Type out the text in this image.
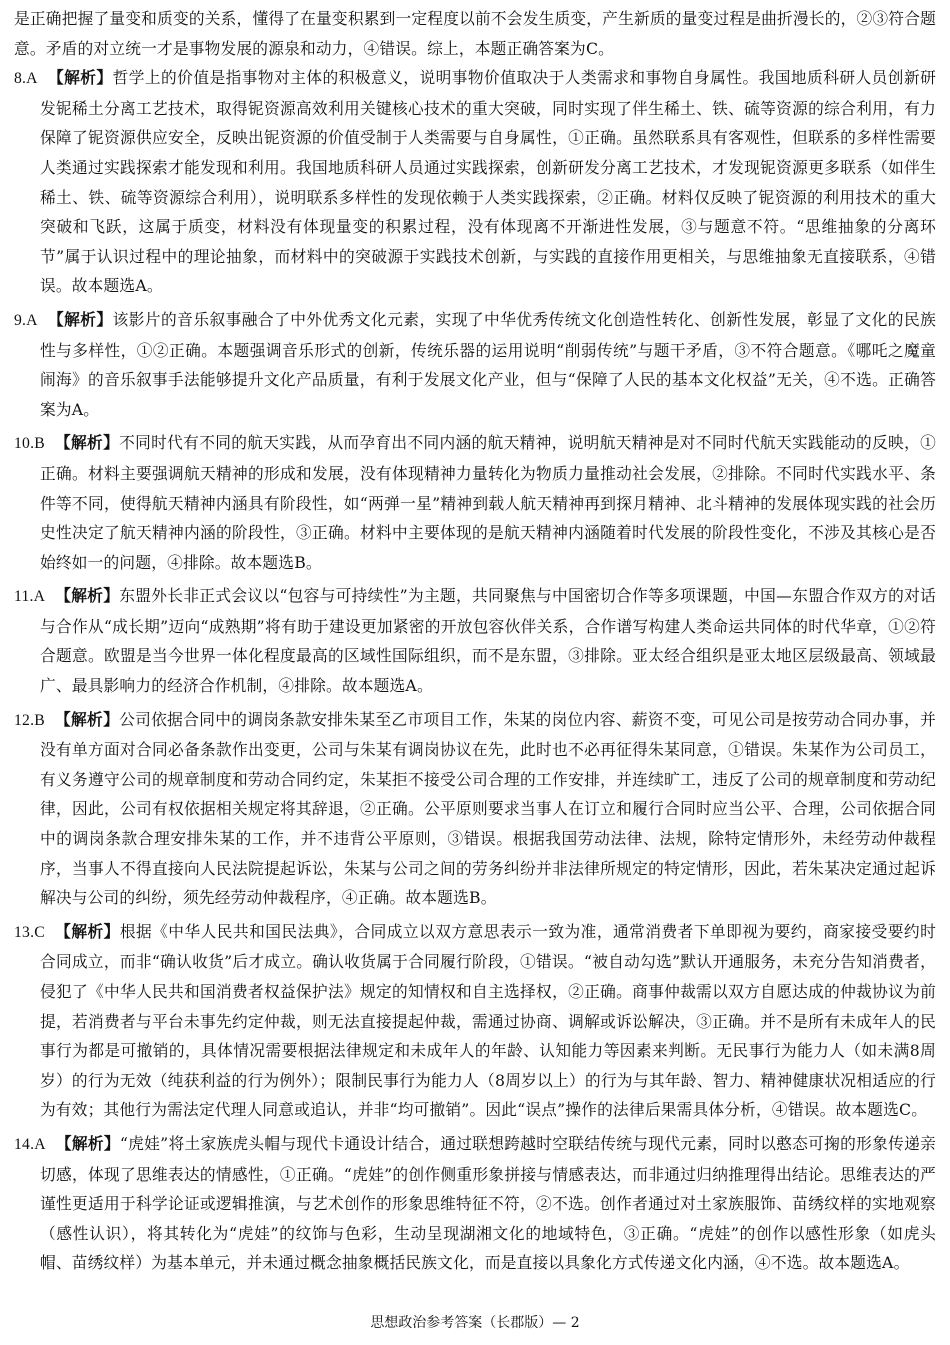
是正确把握了量变和质变的关系，懂得了在量变积累到一定程度以前不会发生质变，产生新质的量变过程是曲折漫长的，②③符合题意。矛盾的对立统一才是事物发展的源泉和动力，④错误。综上，本题正确答案为C。

8.A 【解析】哲学上的价值是指事物对主体的积极意义，说明事物价值取决于人类需求和事物自身属性。我国地质科研人员创新研发铌稀土分离工艺技术，取得铌资源高效利用关键核心技术的重大突破，同时实现了伴生稀土、铁、硫等资源的综合利用，有力保障了铌资源供应安全，反映出铌资源的价值受制于人类需要与自身属性，①正确。虽然联系具有客观性，但联系的多样性需要人类通过实践探索才能发现和利用。我国地质科研人员通过实践探索，创新研发分离工艺技术，才发现铌资源更多联系（如伴生稀土、铁、硫等资源综合利用），说明联系多样性的发现依赖于人类实践探索，②正确。材料仅反映了铌资源的利用技术的重大突破和飞跃，这属于质变，材料没有体现量变的积累过程，没有体现离不开渐进性发展，③与题意不符。“思维抽象的分离环节”属于认识过程中的理论抽象，而材料中的突破源于实践技术创新，与实践的直接作用更相关，与思维抽象无直接联系，④错误。故本题选A。

9.A 【解析】该影片的音乐叙事融合了中外优秀文化元素，实现了中华优秀传统文化创造性转化、创新性发展，彰显了文化的民族性与多样性，①②正确。本题强调音乐形式的创新，传统乐器的运用说明“削弱传统”与题干矛盾，③不符合题意。《哪吒之魔童闹海》的音乐叙事手法能够提升文化产品质量，有利于发展文化产业，但与“保障了人民的基本文化权益”无关，④不选。正确答案为A。

10.B 【解析】不同时代有不同的航天实践，从而孕育出不同内涵的航天精神，说明航天精神是对不同时代航天实践能动的反映，①正确。材料主要强调航天精神的形成和发展，没有体现精神力量转化为物质力量推动社会发展，②排除。不同时代实践水平、条件等不同，使得航天精神内涵具有阶段性，如“两弹一星”精神到载人航天精神再到探月精神、北斗精神的发展体现实践的社会历史性决定了航天精神内涵的阶段性，③正确。材料中主要体现的是航天精神内涵随着时代发展的阶段性变化，不涉及其核心是否始终如一的问题，④排除。故本题选B。

11.A 【解析】东盟外长非正式会议以“包容与可持续性”为主题，共同聚焦与中国密切合作等多项课题，中国—东盟合作双方的对话与合作从“成长期”迈向“成熟期”将有助于建设更加紧密的开放包容伙伴关系，合作谱写构建人类命运共同体的时代华章，①②符合题意。欧盟是当今世界一体化程度最高的区域性国际组织，而不是东盟，③排除。亚太经合组织是亚太地区层级最高、领域最广、最具影响力的经济合作机制，④排除。故本题选A。

12.B 【解析】公司依据合同中的调岗条款安排朱某至乙市项目工作，朱某的岗位内容、薪资不变，可见公司是按劳动合同办事，并没有单方面对合同必备条款作出变更，公司与朱某有调岗协议在先，此时也不必再征得朱某同意，①错误。朱某作为公司员工，有义务遵守公司的规章制度和劳动合同约定，朱某拒不接受公司合理的工作安排，并连续旷工，违反了公司的规章制度和劳动纪律，因此，公司有权依据相关规定将其辞退，②正确。公平原则要求当事人在订立和履行合同时应当公平、合理，公司依据合同中的调岗条款合理安排朱某的工作，并不违背公平原则，③错误。根据我国劳动法律、法规，除特定情形外，未经劳动仲裁程序，当事人不得直接向人民法院提起诉讼，朱某与公司之间的劳务纠纷并非法律所规定的特定情形，因此，若朱某决定通过起诉解决与公司的纠纷，须先经劳动仲裁程序，④正确。故本题选B。

13.C 【解析】根据《中华人民共和国民法典》，合同成立以双方意思表示一致为准，通常消费者下单即视为要约，商家接受要约时合同成立，而非“确认收货”后才成立。确认收货属于合同履行阶段，①错误。“被自动勾选”默认开通服务，未充分告知消费者，侵犯了《中华人民共和国消费者权益保护法》规定的知情权和自主选择权，②正确。商事仲裁需以双方自愿达成的仲裁协议为前提，若消费者与平台未事先约定仲裁，则无法直接提起仲裁，需通过协商、调解或诉讼解决，③正确。并不是所有未成年人的民事行为都是可撤销的，具体情况需要根据法律规定和未成年人的年龄、认知能力等因素来判断。无民事行为能力人（如未满8周岁）的行为无效（纯获利益的行为例外）；限制民事行为能力人（8周岁以上）的行为与其年龄、智力、精神健康状况相适应的行为有效；其他行为需法定代理人同意或追认，并非“均可撤销”。因此“误点”操作的法律后果需具体分析，④错误。故本题选C。

14.A 【解析】“虎娃”将土家族虎头帽与现代卡通设计结合，通过联想跨越时空联结传统与现代元素，同时以憨态可掬的形象传递亲切感，体现了思维表达的情感性，①正确。“虎娃”的创作侧重形象拼接与情感表达，而非通过归纳推理得出结论。思维表达的严谨性更适用于科学论证或逻辑推演，与艺术创作的形象思维特征不符，②不选。创作者通过对土家族服饰、苗绣纹样的实地观察（感性认识），将其转化为“虎娃”的纹饰与色彩，生动呈现湖湘文化的地域特色，③正确。“虎娃”的创作以感性形象（如虎头帽、苗绣纹样）为基本单元，并未通过概念抽象概括民族文化，而是直接以具象化方式传递文化内涵，④不选。故本题选A。

思想政治参考答案（长郡版）— 2
